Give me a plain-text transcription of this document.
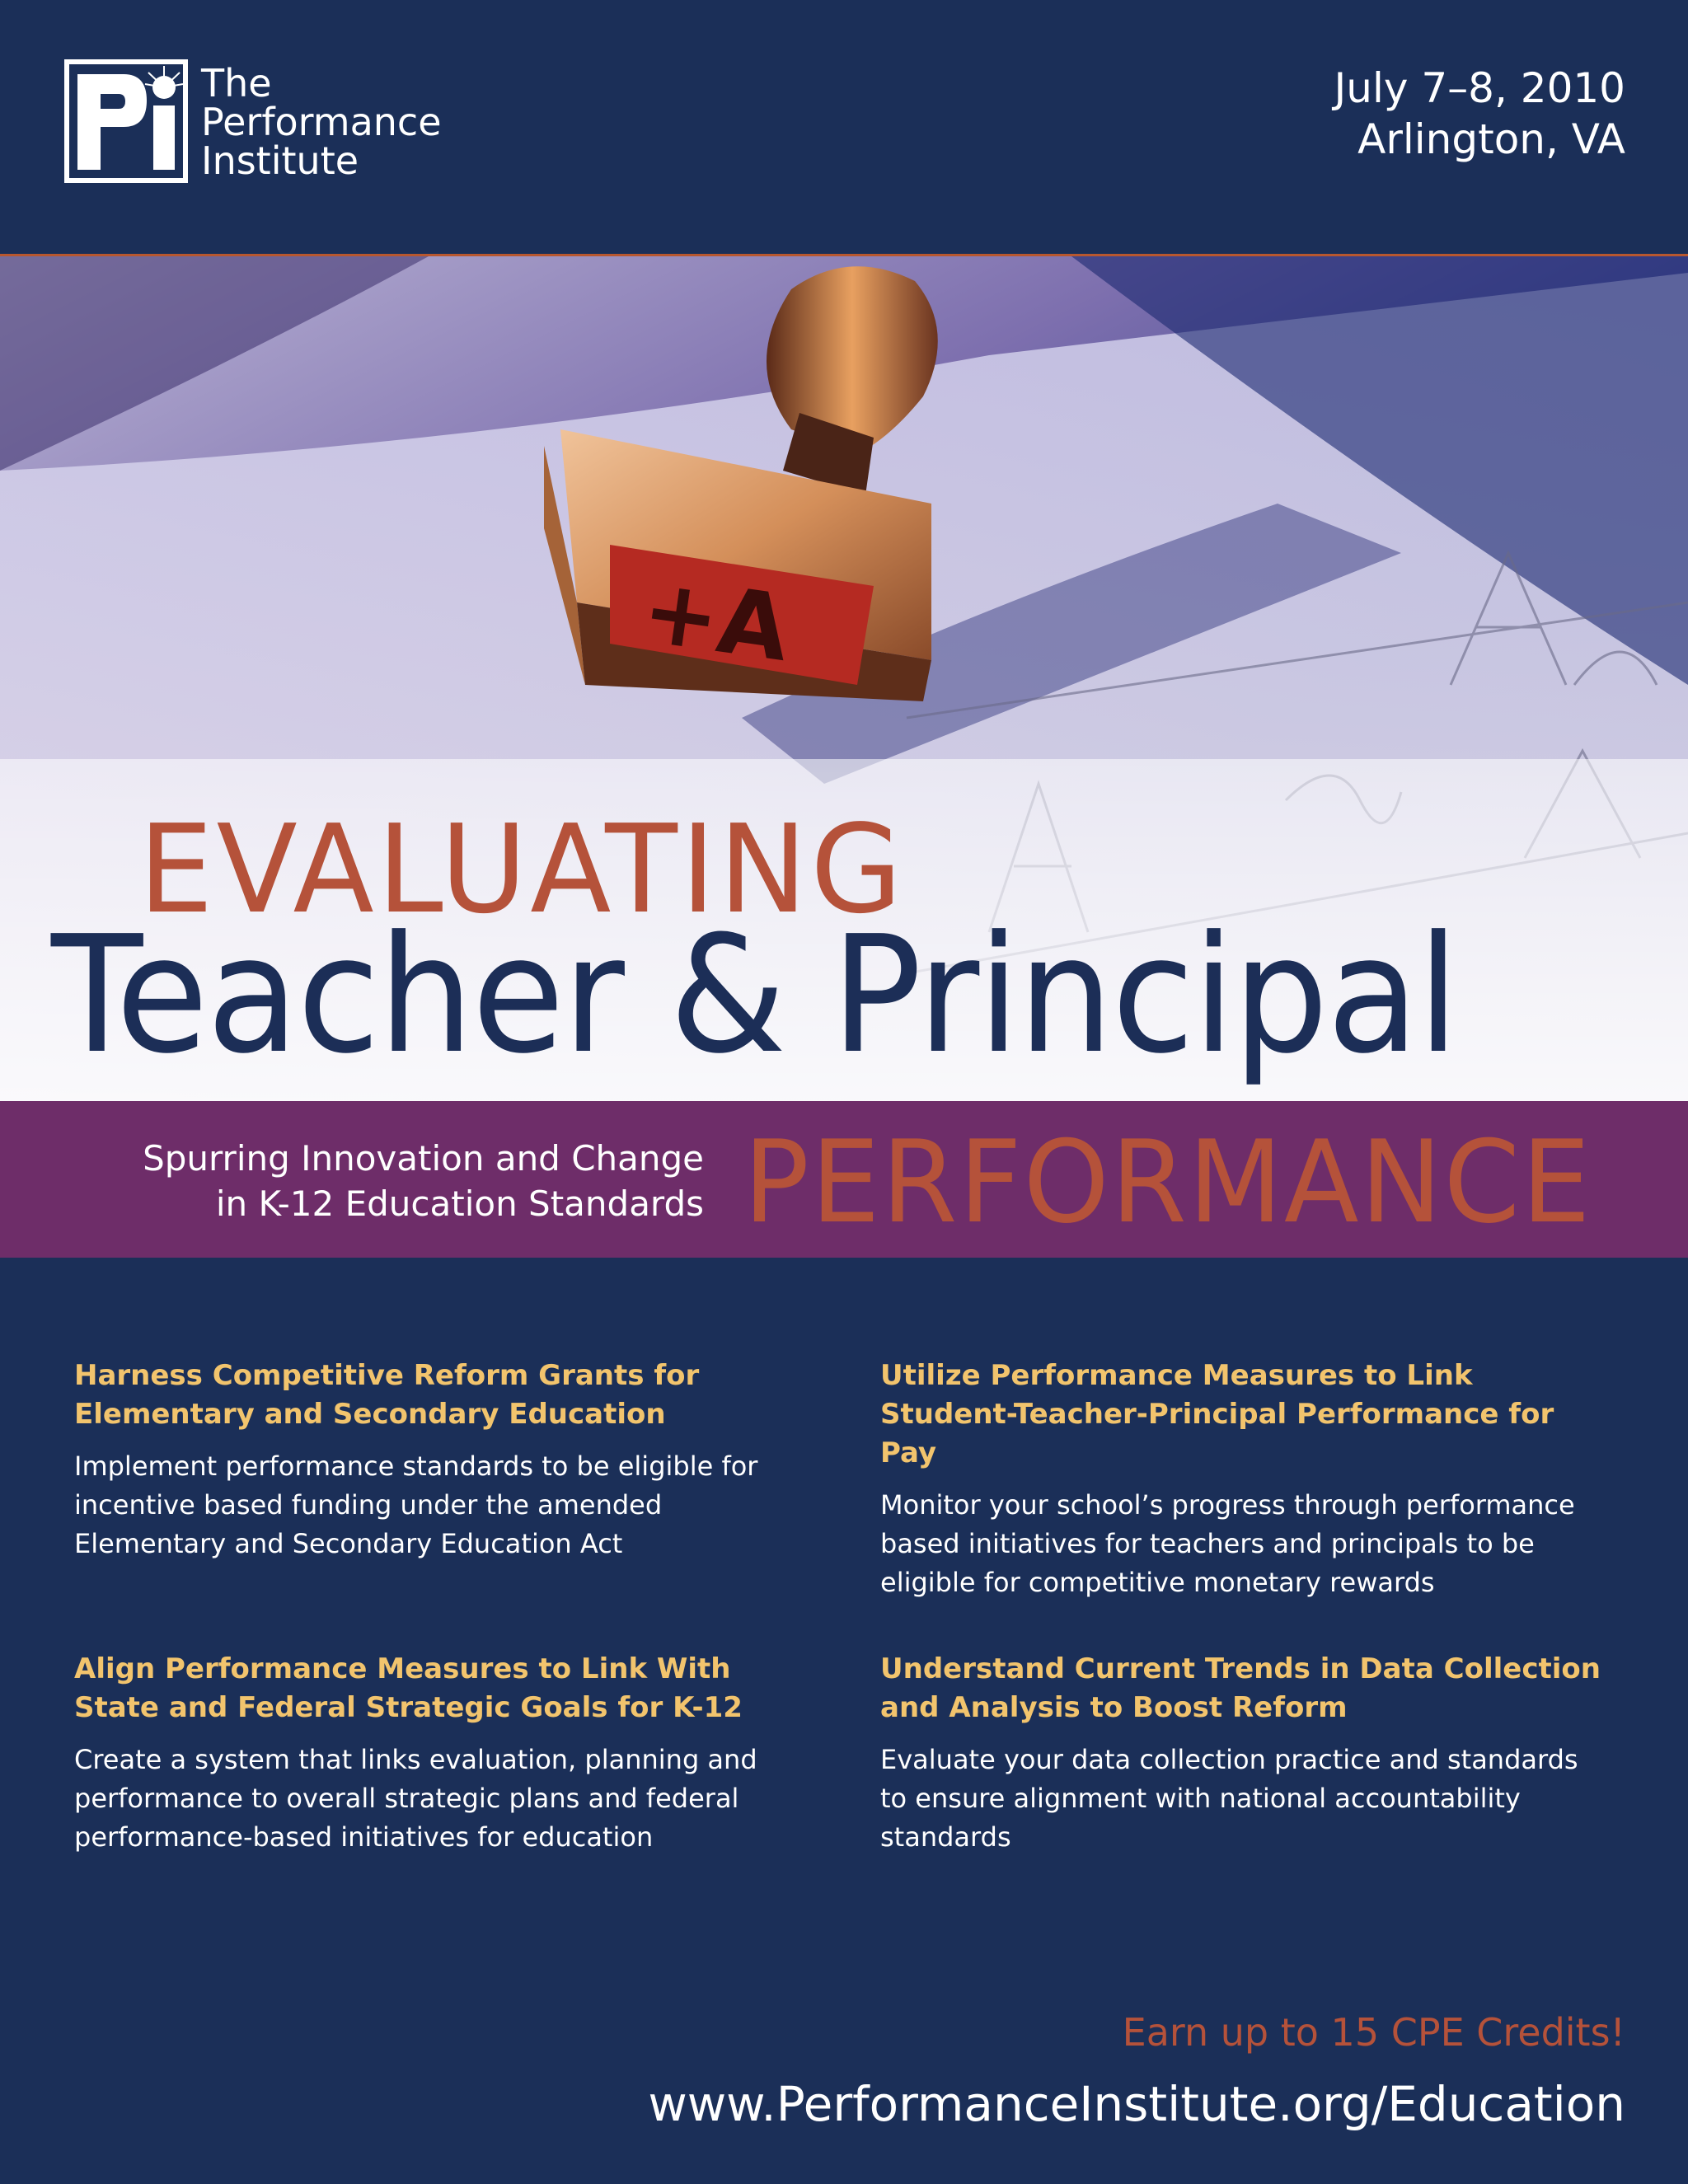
The
Performance
Institute
July 7–8, 2010
Arlington, VA
+A
EVALUATING
Teacher & Principal
Spurring Innovation and Change
in K-12 Education Standards PERFORMANCE
Harness Competitive Reform Grants for Elementary and Secondary Education

Implement performance standards to be eligible for incentive based funding under the amended Elementary and Secondary Education Act

Utilize Performance Measures to Link Student-Teacher-Principal Performance for Pay

Monitor your school’s progress through performance based initiatives for teachers and principals to be eligible for competitive monetary rewards

Align Performance Measures to Link With State and Federal Strategic Goals for K-12

Create a system that links evaluation, planning and performance to overall strategic plans and federal performance-based initiatives for education

Understand Current Trends in Data Collection and Analysis to Boost Reform

Evaluate your data collection practice and standards to ensure alignment with national accountability standards

Earn up to 15 CPE Credits!
www.PerformanceInstitute.org/Education
